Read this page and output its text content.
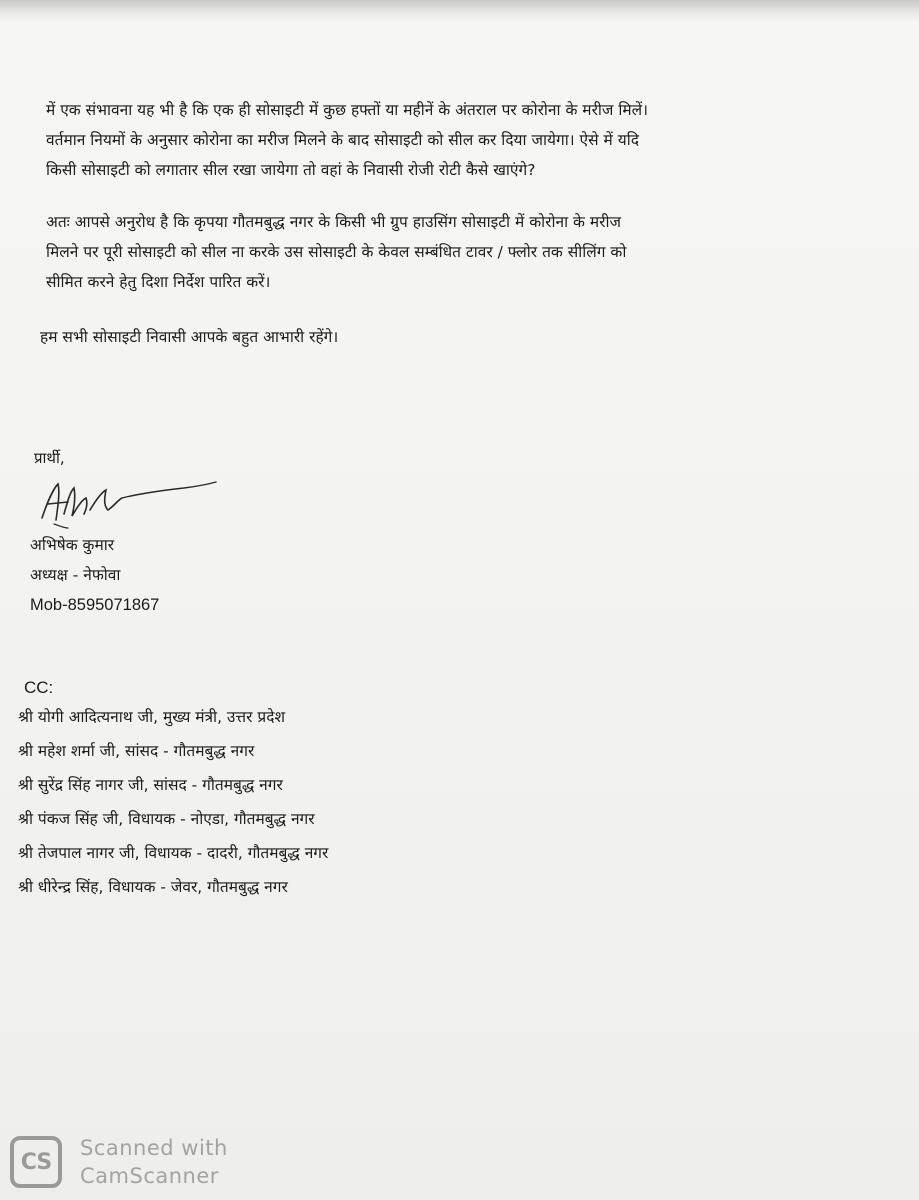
में एक संभावना यह भी है कि एक ही सोसाइटी में कुछ हफ्तों या महीनें के अंतराल पर कोरोना के मरीज मिलें।
वर्तमान नियमों के अनुसार कोरोना का मरीज मिलने के बाद सोसाइटी को सील कर दिया जायेगा। ऐसे में यदि
किसी सोसाइटी को लगातार सील रखा जायेगा तो वहां के निवासी रोजी रोटी कैसे खाएंगे?

अतः आपसे अनुरोध है कि कृपया गौतमबुद्ध नगर के किसी भी ग्रुप हाउसिंग सोसाइटी में कोरोना के मरीज
मिलने पर पूरी सोसाइटी को सील ना करके उस सोसाइटी के केवल सम्बंधित टावर / फ्लोर तक सीलिंग को
सीमित करने हेतु दिशा निर्देश पारित करें।

हम सभी सोसाइटी निवासी आपके बहुत आभारी रहेंगे।
प्रार्थी,
अभिषेक कुमार
अध्यक्ष - नेफोवा
Mob-8595071867
CC:
श्री योगी आदित्यनाथ जी, मुख्य मंत्री, उत्तर प्रदेश
श्री महेश शर्मा जी, सांसद - गौतमबुद्ध नगर
श्री सुरेंद्र सिंह नागर जी, सांसद - गौतमबुद्ध नगर
श्री पंकज सिंह जी, विधायक - नोएडा, गौतमबुद्ध नगर
श्री तेजपाल नागर जी, विधायक - दादरी, गौतमबुद्ध नगर
श्री धीरेन्द्र सिंह, विधायक - जेवर, गौतमबुद्ध नगर
CS
Scanned with
CamScanner
